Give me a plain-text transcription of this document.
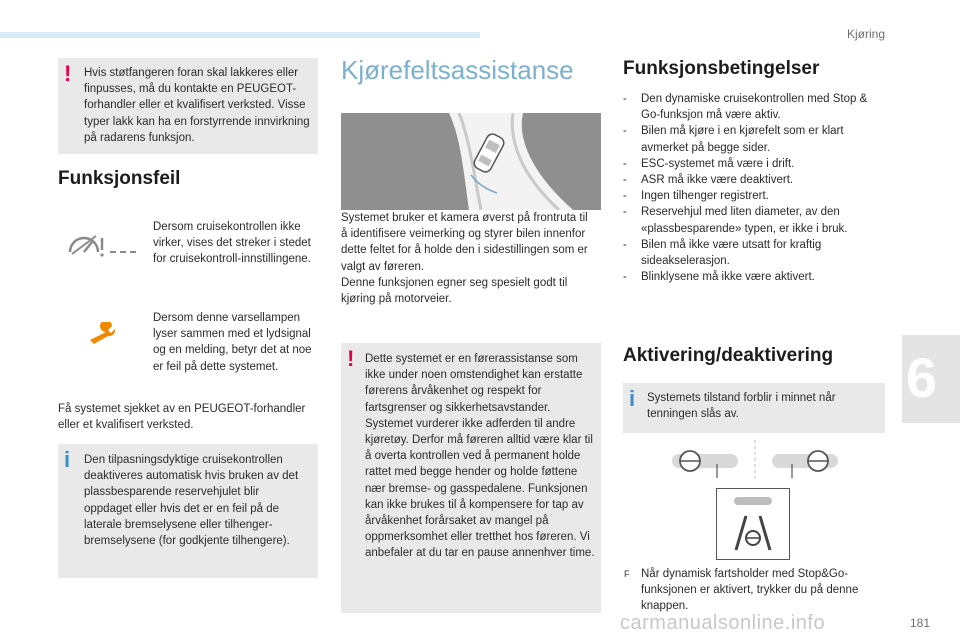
Kjøring
6
! Hvis støtfangeren foran skal lakkeres eller finpusses, må du kontakte en PEUGEOT-forhandler eller et kvalifisert verksted. Visse typer lakk kan ha en forstyrrende innvirkning på radarens funksjon.
Funksjonsfeil
Dersom cruisekontrollen ikke virker, vises det streker i stedet for cruisekontroll-innstillingene.
Dersom denne varsellampen lyser sammen med et lydsignal og en melding, betyr det at noe er feil på dette systemet.
Få systemet sjekket av en PEUGEOT-forhandler eller et kvalifisert verksted.
i Den tilpasningsdyktige cruisekontrollen deaktiveres automatisk hvis bruken av det plassbesparende reservehjulet blir oppdaget eller hvis det er en feil på de laterale bremselysene eller tilhenger-bremselysene (for godkjente tilhengere).
Kjørefeltsassistanse
Systemet bruker et kamera øverst på frontruta til å identifisere veimerking og styrer bilen innenfor dette feltet for å holde den i sidestillingen som er valgt av føreren.
Denne funksjonen egner seg spesielt godt til kjøring på motorveier.
! Dette systemet er en førerassistanse som ikke under noen omstendighet kan erstatte førerens årvåkenhet og respekt for fartsgrenser og sikkerhetsavstander. Systemet vurderer ikke adferden til andre kjøretøy. Derfor må føreren alltid være klar til å overta kontrollen ved å permanent holde rattet med begge hender og holde føttene nær bremse- og gasspedalene. Funksjonen kan ikke brukes til å kompensere for tap av årvåkenhet forårsaket av mangel på oppmerksomhet eller tretthet hos føreren. Vi anbefaler at du tar en pause annenhver time.
Funksjonsbetingelser
- Den dynamiske cruisekontrollen med Stop & Go-funksjon må være aktiv.
- Bilen må kjøre i en kjørefelt som er klart avmerket på begge sider.
- ESC-systemet må være i drift.
- ASR må ikke være deaktivert.
- Ingen tilhenger registrert.
- Reservehjul med liten diameter, av den «plassbesparende» typen, er ikke i bruk.
- Bilen må ikke være utsatt for kraftig sideakselerasjon.
- Blinklysene må ikke være aktivert.
Aktivering/deaktivering
i Systemets tilstand forblir i minnet når tenningen slås av.
F	Når dynamisk fartsholder med Stop&Go-funksjonen er aktivert, trykker du på denne knappen.
carmanualsonline.info	181
